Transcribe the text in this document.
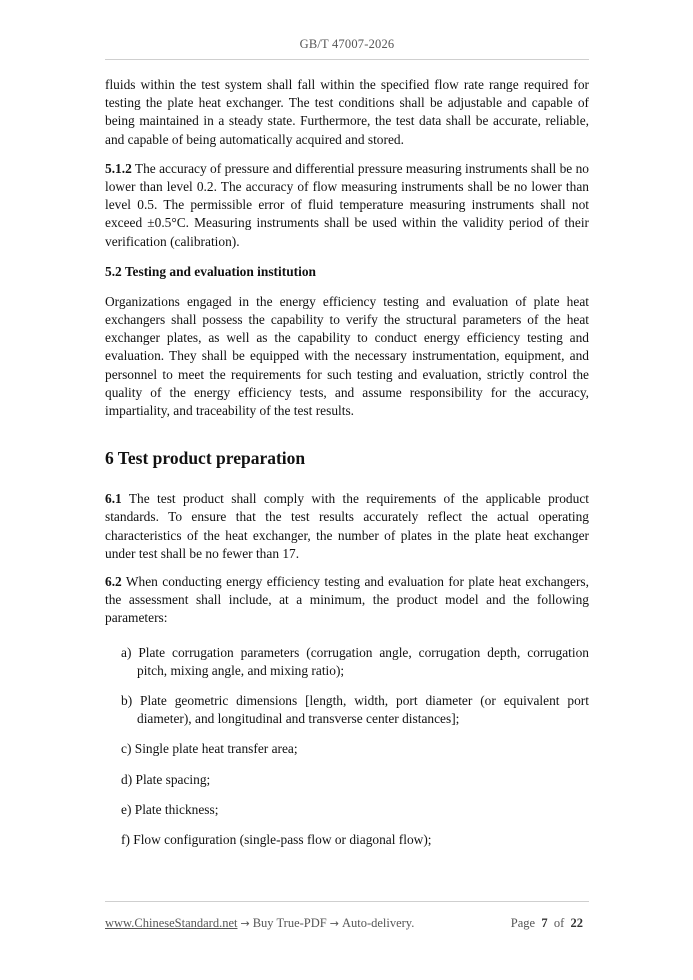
GB/T 47007-2026

fluids within the test system shall fall within the specified flow rate range required for testing the plate heat exchanger. The test conditions shall be adjustable and capable of being maintained in a steady state. Furthermore, the test data shall be accurate, reliable, and capable of being automatically acquired and stored.

5.1.2 The accuracy of pressure and differential pressure measuring instruments shall be no lower than level 0.2. The accuracy of flow measuring instruments shall be no lower than level 0.5. The permissible error of fluid temperature measuring instruments shall not exceed ±0.5°C. Measuring instruments shall be used within the validity period of their verification (calibration).

5.2 Testing and evaluation institution

Organizations engaged in the energy efficiency testing and evaluation of plate heat exchangers shall possess the capability to verify the structural parameters of the heat exchanger plates, as well as the capability to conduct energy efficiency testing and evaluation. They shall be equipped with the necessary instrumentation, equipment, and personnel to meet the requirements for such testing and evaluation, strictly control the quality of the energy efficiency tests, and assume responsibility for the accuracy, impartiality, and traceability of the test results.

6 Test product preparation

6.1 The test product shall comply with the requirements of the applicable product standards. To ensure that the test results accurately reflect the actual operating characteristics of the heat exchanger, the number of plates in the plate heat exchanger under test shall be no fewer than 17.

6.2 When conducting energy efficiency testing and evaluation for plate heat exchangers, the assessment shall include, at a minimum, the product model and the following parameters:

a) Plate corrugation parameters (corrugation angle, corrugation depth, corrugation pitch, mixing angle, and mixing ratio);

b) Plate geometric dimensions [length, width, port diameter (or equivalent port diameter), and longitudinal and transverse center distances];

c) Single plate heat transfer area;

d) Plate spacing;

e) Plate thickness;

f) Flow configuration (single-pass flow or diagonal flow);

www.ChineseStandard.net → Buy True-PDF → Auto-delivery.	Page 7 of 22
